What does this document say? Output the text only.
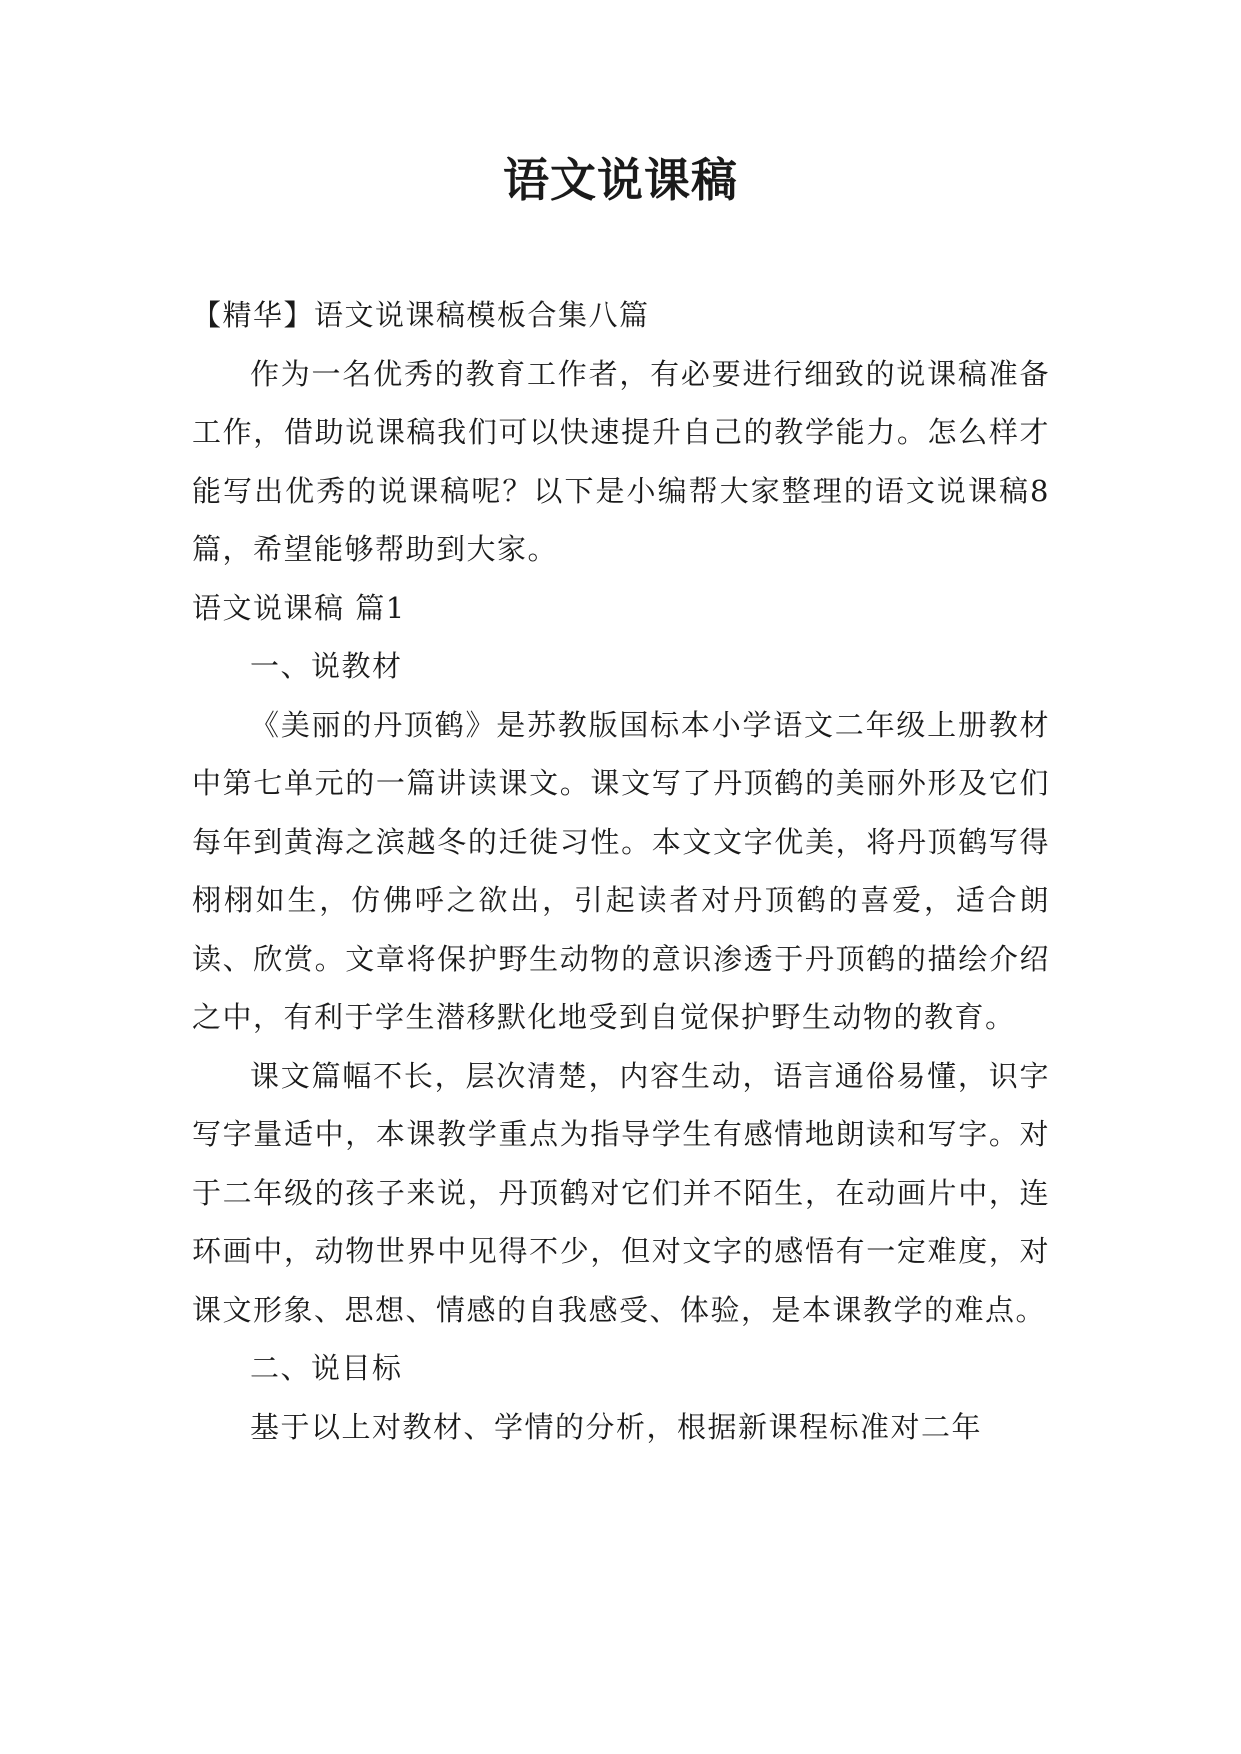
语文说课稿

【精华】语文说课稿模板合集八篇

作为一名优秀的教育工作者，有必要进行细致的说课稿准备工作，借助说课稿我们可以快速提升自己的教学能力。怎么样才能写出优秀的说课稿呢？以下是小编帮大家整理的语文说课稿8篇，希望能够帮助到大家。

语文说课稿 篇1

一、说教材

《美丽的丹顶鹤》是苏教版国标本小学语文二年级上册教材中第七单元的一篇讲读课文。课文写了丹顶鹤的美丽外形及它们每年到黄海之滨越冬的迁徙习性。本文文字优美，将丹顶鹤写得栩栩如生，仿佛呼之欲出，引起读者对丹顶鹤的喜爱，适合朗读、欣赏。文章将保护野生动物的意识渗透于丹顶鹤的描绘介绍之中，有利于学生潜移默化地受到自觉保护野生动物的教育。

课文篇幅不长，层次清楚，内容生动，语言通俗易懂，识字写字量适中，本课教学重点为指导学生有感情地朗读和写字。对于二年级的孩子来说，丹顶鹤对它们并不陌生，在动画片中，连环画中，动物世界中见得不少，但对文字的感悟有一定难度，对课文形象、思想、情感的自我感受、体验，是本课教学的难点。

二、说目标

基于以上对教材、学情的分析，根据新课程标准对二年
